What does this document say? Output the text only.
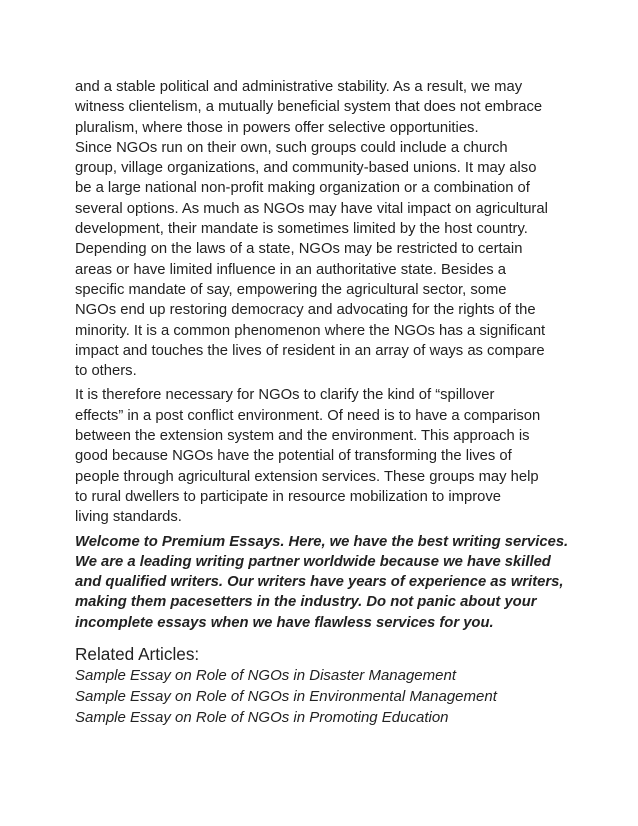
and a stable political and administrative stability. As a result, we may
witness clientelism, a mutually beneficial system that does not embrace
pluralism, where those in powers offer selective opportunities.
Since NGOs run on their own, such groups could include a church
group, village organizations, and community-based unions. It may also
be a large national non-profit making organization or a combination of
several options. As much as NGOs may have vital impact on agricultural
development, their mandate is sometimes limited by the host country.
Depending on the laws of a state, NGOs may be restricted to certain
areas or have limited influence in an authoritative state. Besides a
specific mandate of say, empowering the agricultural sector, some
NGOs end up restoring democracy and advocating for the rights of the
minority. It is a common phenomenon where the NGOs has a significant
impact and touches the lives of resident in an array of ways as compare
to others.

It is therefore necessary for NGOs to clarify the kind of “spillover
effects” in a post conflict environment. Of need is to have a comparison
between the extension system and the environment. This approach is
good because NGOs have the potential of transforming the lives of
people through agricultural extension services. These groups may help
to rural dwellers to participate in resource mobilization to improve
living standards.

Welcome to Premium Essays. Here, we have the best writing services.
We are a leading writing partner worldwide because we have skilled
and qualified writers. Our writers have years of experience as writers,
making them pacesetters in the industry. Do not panic about your
incomplete essays when we have flawless services for you.

Related Articles:
Sample Essay on Role of NGOs in Disaster Management
Sample Essay on Role of NGOs in Environmental Management
Sample Essay on Role of NGOs in Promoting Education
